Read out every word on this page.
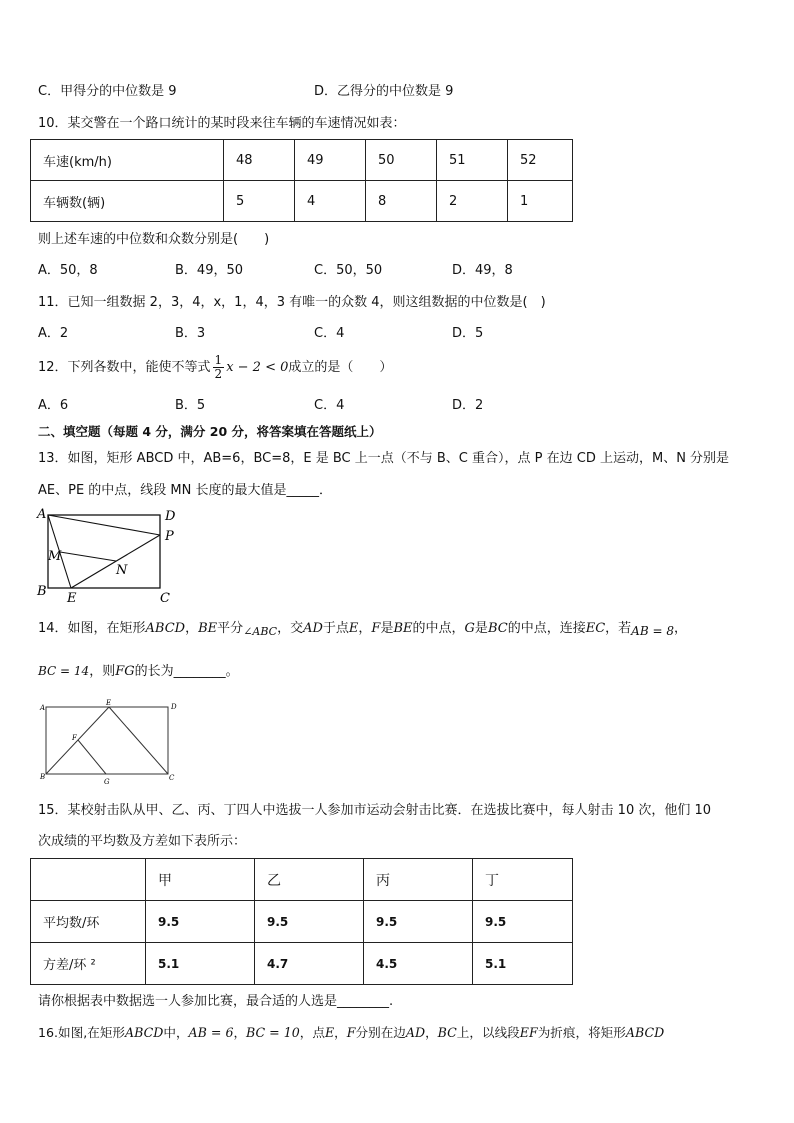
C．甲得分的中位数是 9	D．乙得分的中位数是 9
10．某交警在一个路口统计的某时段来往车辆的车速情况如表：
车速(km/h)	48	49	50	51	52
车辆数(辆)	5	4	8	2	1
则上述车速的中位数和众数分别是(　　)
A．50，8	B．49，50	C．50，50	D．49，8
11．已知一组数据 2，3，4，x，1，4，3 有唯一的众数 4，则这组数据的中位数是(　)
A．2	B．3	C．4	D．5
12．下列各数中，能使不等式 $\frac{1}{2}$ x − 2 < 0成立的是（　　）
A．6	B．5	C．4	D．2
二、填空题（每题 4 分，满分 20 分，将答案填在答题纸上）
13．如图，矩形 ABCD 中，AB=6，BC=8，E 是 BC 上一点（不与 B、C 重合），点 P 在边 CD 上运动，M、N 分别是
AE、PE 的中点，线段 MN 长度的最大值是_____．
A	D
P
M
N
B E	C
14．如图，在矩形ABCD，BE平分$_{\angle ABC}$，交AD于点E，F是BE的中点，G是BC的中点，连接EC，若AB = 8，
BC = 14，则FG的长为________。
A
E	D
F
B
G	C
15．某校射击队从甲、乙、丙、丁四人中选拔一人参加市运动会射击比赛．在选拔比赛中，每人射击 10 次，他们 10
次成绩的平均数及方差如下表所示：
	甲	乙	丙	丁
平均数/环	9.5	9.5	9.5	9.5
方差/环 ²	5.1	4.7	4.5	5.1
请你根据表中数据选一人参加比赛，最合适的人选是________.
16.如图,在矩形ABCD中，AB = 6，BC = 10，点E，F分别在边AD，BC上，以线段EF为折痕，将矩形ABCD
